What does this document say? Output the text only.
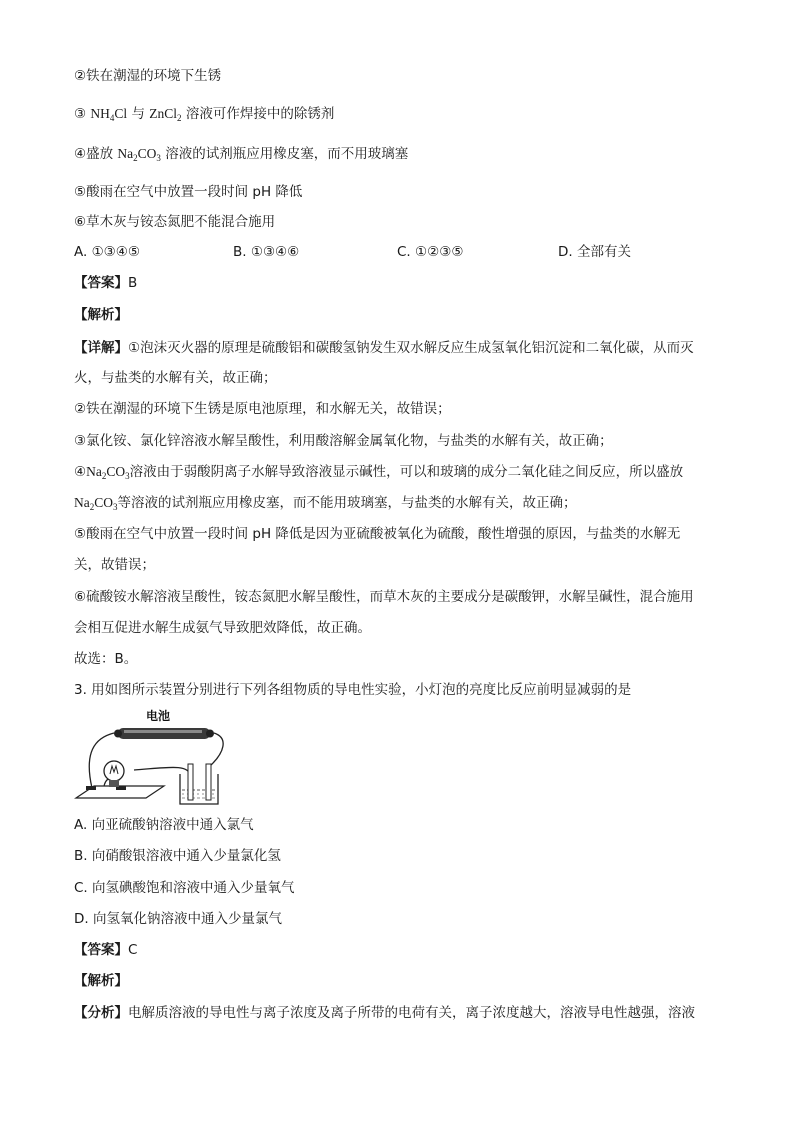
②铁在潮湿的环境下生锈
③ $NH_4Cl$ 与 ZnCl$_2$ 溶液可作焊接中的除锈剂
④盛放 $Na_2CO_3$ 溶液的试剂瓶应用橡皮塞，而不用玻璃塞
⑤酸雨在空气中放置一段时间 pH 降低
⑥草木灰与铵态氮肥不能混合施用
A. ①③④⑤	B. ①③④⑥	C. ①②③⑤	D. 全部有关
【答案】B
【解析】
【详解】①泡沫灭火器的原理是硫酸铝和碳酸氢钠发生双水解反应生成氢氧化铝沉淀和二氧化碳，从而灭
火，与盐类的水解有关，故正确；
②铁在潮湿的环境下生锈是原电池原理，和水解无关，故错误；
③氯化铵、氯化锌溶液水解呈酸性，利用酸溶解金属氧化物，与盐类的水解有关，故正确；
$④Na_2CO_3$溶液由于弱酸阴离子水解导致溶液显示碱性，可以和玻璃的成分二氧化硅之间反应，所以盛放
$Na_2CO_3$等溶液的试剂瓶应用橡皮塞，而不能用玻璃塞，与盐类的水解有关，故正确；
⑤酸雨在空气中放置一段时间 pH 降低是因为亚硫酸被氧化为硫酸，酸性增强的原因，与盐类的水解无
关，故错误；
⑥硫酸铵水解溶液呈酸性，铵态氮肥水解呈酸性，而草木灰的主要成分是碳酸钾，水解呈碱性，混合施用
会相互促进水解生成氨气导致肥效降低，故正确。
故选：B。
3. 用如图所示装置分别进行下列各组物质的导电性实验，小灯泡的亮度比反应前明显减弱的是
电池
A. 向亚硫酸钠溶液中通入氯气
B. 向硝酸银溶液中通入少量氯化氢
C. 向氢碘酸饱和溶液中通入少量氧气
D. 向氢氧化钠溶液中通入少量氯气
【答案】C
【解析】
【分析】电解质溶液的导电性与离子浓度及离子所带的电荷有关，离子浓度越大，溶液导电性越强，溶液
